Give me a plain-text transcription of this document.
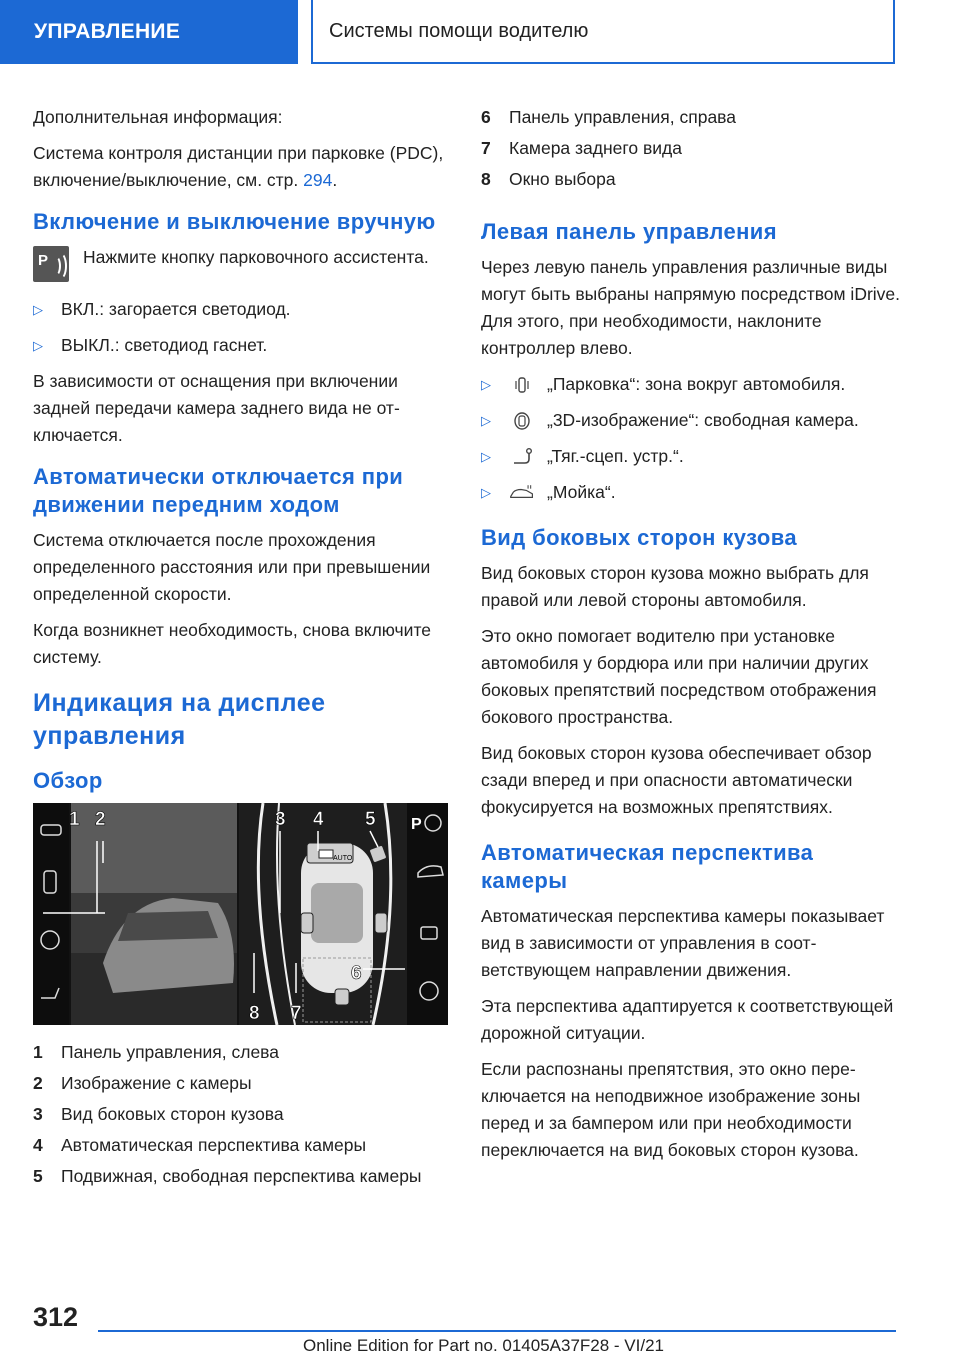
УПРАВЛЕНИЕ	Системы помощи водителю

Дополнительная информация:

Система контроля дистанции при парковке (PDC), включение/выключение, см. стр. 294.

Включение и выключение вручную
P Нажмите кнопку парковочного ассистента.

▷ ВКЛ.: загорается светодиод.
▷ ВЫКЛ.: светодиод гаснет.

В зависимости от оснащения при включении задней передачи камера заднего вида не отключается.

Автоматически отключается при движении передним ходом

Система отключается после прохождения определенного расстояния или при превышении определенной скорости.

Когда возникнет необходимость, снова включите систему.

Индикация на дисплее управления
Обзор
AUTO
P
1 2	3 4 5
6
7
8
1 Панель управления, слева
2 Изображение с камеры
3 Вид боковых сторон кузова
4 Автоматическая перспектива камеры
5 Подвижная, свободная перспектива камеры
6 Панель управления, справа
7 Камера заднего вида
8 Окно выбора
Левая панель управления

Через левую панель управления различные виды могут быть выбраны напрямую посредством iDrive. Для этого, при необходимости, наклоните контроллер влево.

▷	„Парковка“: зона вокруг автомобиля.
▷	„3D-изображение“: свободная камера.
▷	„Тяг.-сцеп. устр.“.
▷	„Мойка“.
Вид боковых сторон кузова

Вид боковых сторон кузова можно выбрать для правой или левой стороны автомобиля.

Это окно помогает водителю при установке автомобиля у бордюра или при наличии других боковых препятствий посредством отображения бокового пространства.

Вид боковых сторон кузова обеспечивает обзор сзади вперед и при опасности автоматически фокусируется на возможных препятствиях.

Автоматическая перспектива камеры

Автоматическая перспектива камеры показывает вид в зависимости от управления в соответствующем направлении движения.

Эта перспектива адаптируется к соответствующей дорожной ситуации.

Если распознаны препятствия, это окно переключается на неподвижное изображение зоны перед и за бампером или при необходимости переключается на вид боковых сторон кузова.

312
Online Edition for Part no. 01405A37F28 - VI/21
